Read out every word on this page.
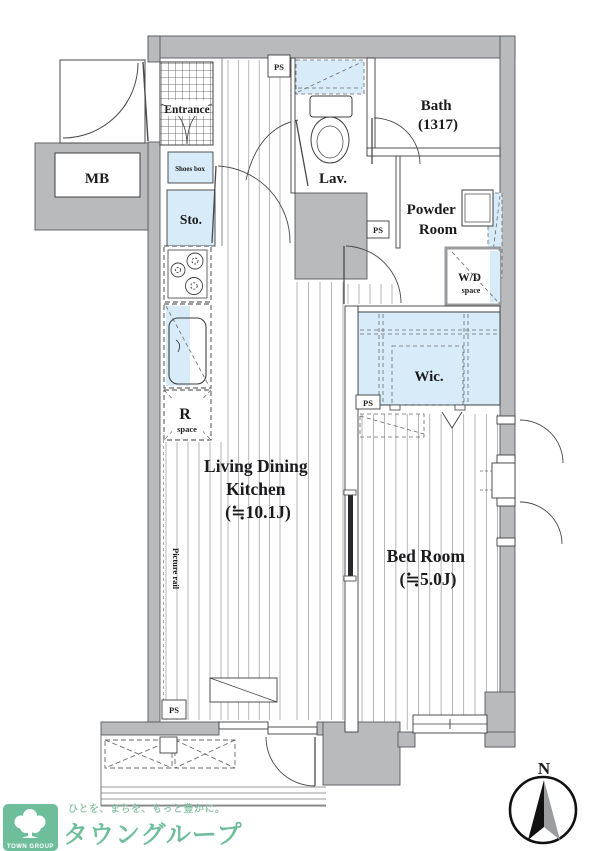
MB
Entrance
Shoes box
Sto.
Lav.
Bath (1317)
Powder Room
W/D space
Wic.
R space
Living Dining Kitchen (≒10.1J)
Picture rail	Bed Room (≒5.0J)
PS
PS
PS
PS
N
TOWN GROUP
ひとを、まちを、もっと豊かに。
タウングループ
